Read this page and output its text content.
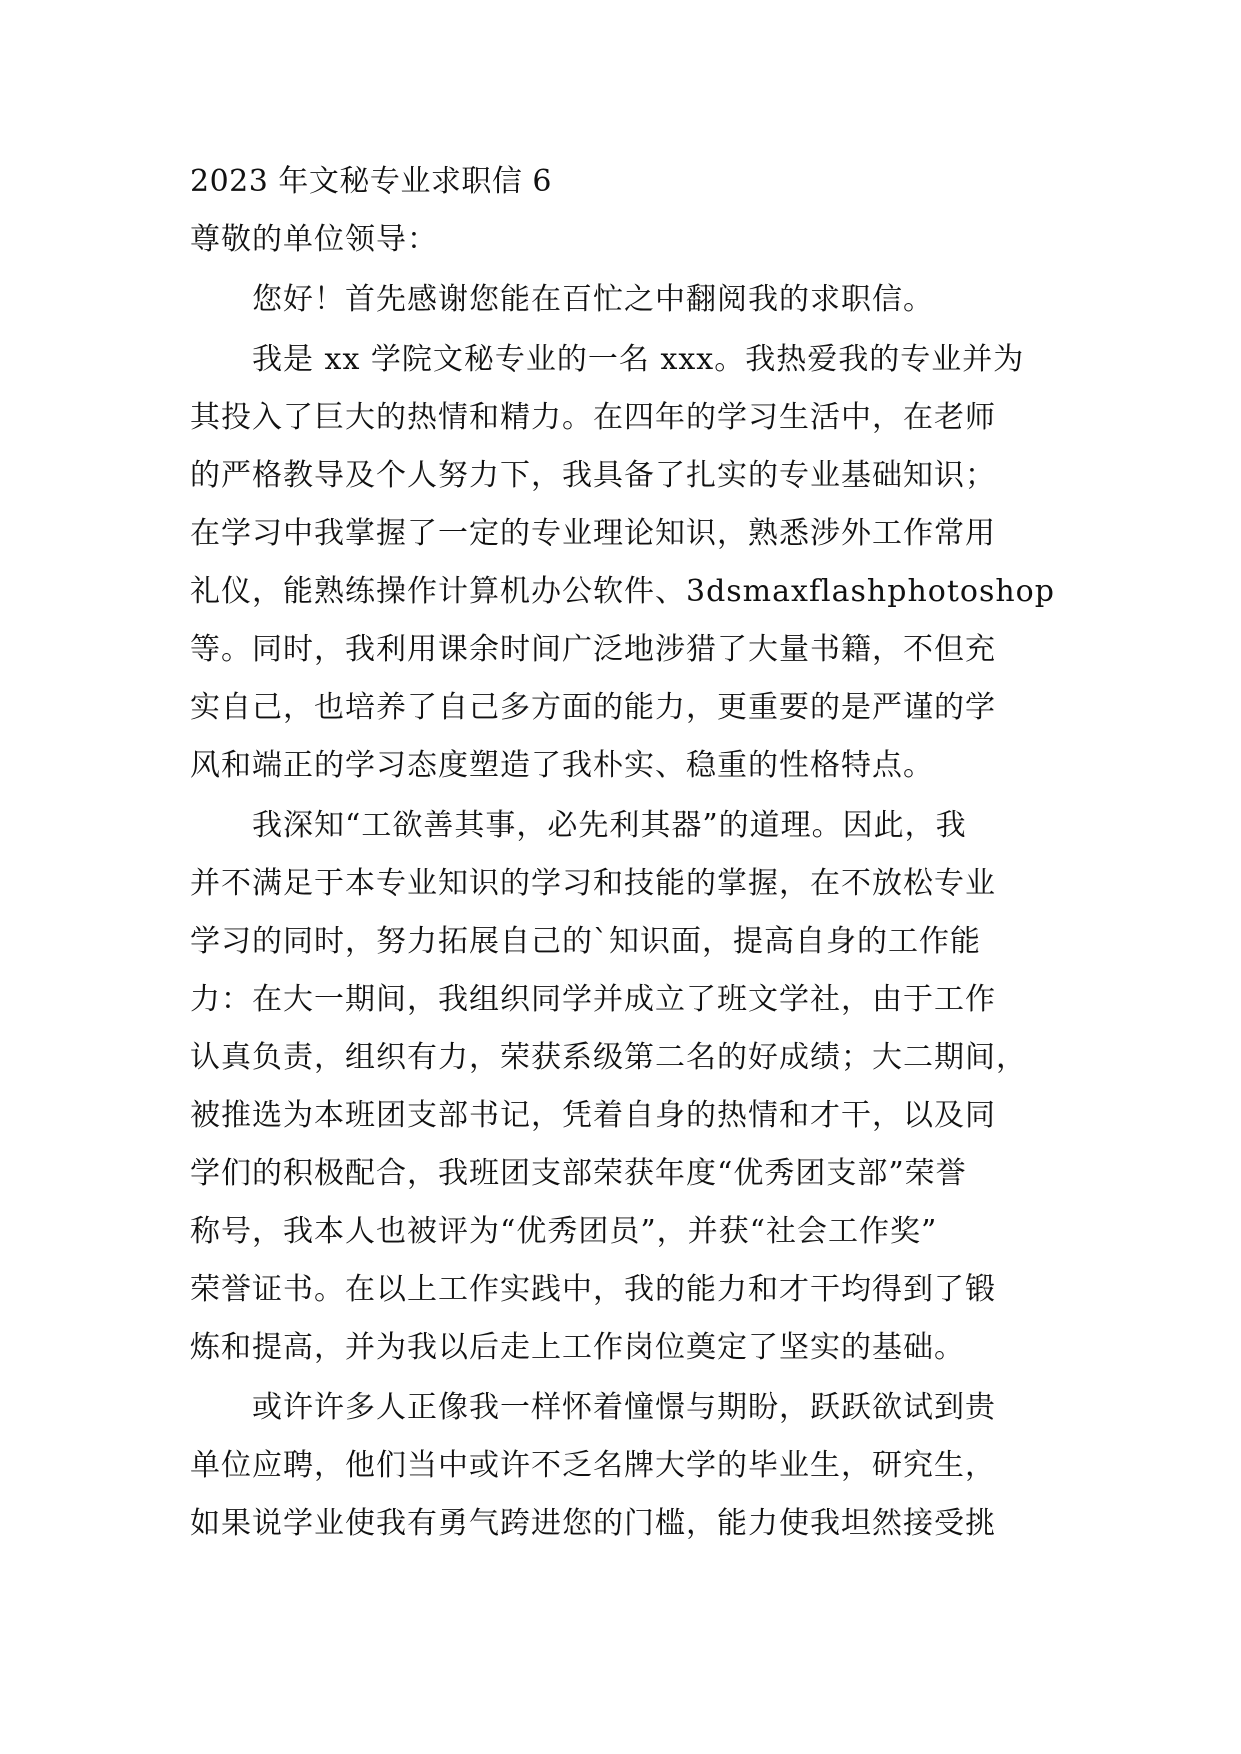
2023 年文秘专业求职信 6
尊敬的单位领导：
您好！首先感谢您能在百忙之中翻阅我的求职信。
我是 xx 学院文秘专业的一名 xxx。我热爱我的专业并为
其投入了巨大的热情和精力。在四年的学习生活中，在老师
的严格教导及个人努力下，我具备了扎实的专业基础知识；
在学习中我掌握了一定的专业理论知识，熟悉涉外工作常用
礼仪，能熟练操作计算机办公软件、3dsmaxflashphotoshop
等。同时，我利用课余时间广泛地涉猎了大量书籍，不但充
实自己，也培养了自己多方面的能力，更重要的是严谨的学
风和端正的学习态度塑造了我朴实、稳重的性格特点。
我深知“工欲善其事，必先利其器”的道理。因此，我
并不满足于本专业知识的学习和技能的掌握，在不放松专业
学习的同时，努力拓展自己的`知识面，提高自身的工作能
力：在大一期间，我组织同学并成立了班文学社，由于工作
认真负责，组织有力，荣获系级第二名的好成绩；大二期间，
被推选为本班团支部书记，凭着自身的热情和才干，以及同
学们的积极配合，我班团支部荣获年度“优秀团支部”荣誉
称号，我本人也被评为“优秀团员”，并获“社会工作奖”
荣誉证书。在以上工作实践中，我的能力和才干均得到了锻
炼和提高，并为我以后走上工作岗位奠定了坚实的基础。
或许许多人正像我一样怀着憧憬与期盼，跃跃欲试到贵
单位应聘，他们当中或许不乏名牌大学的毕业生，研究生，
如果说学业使我有勇气跨进您的门槛，能力使我坦然接受挑
